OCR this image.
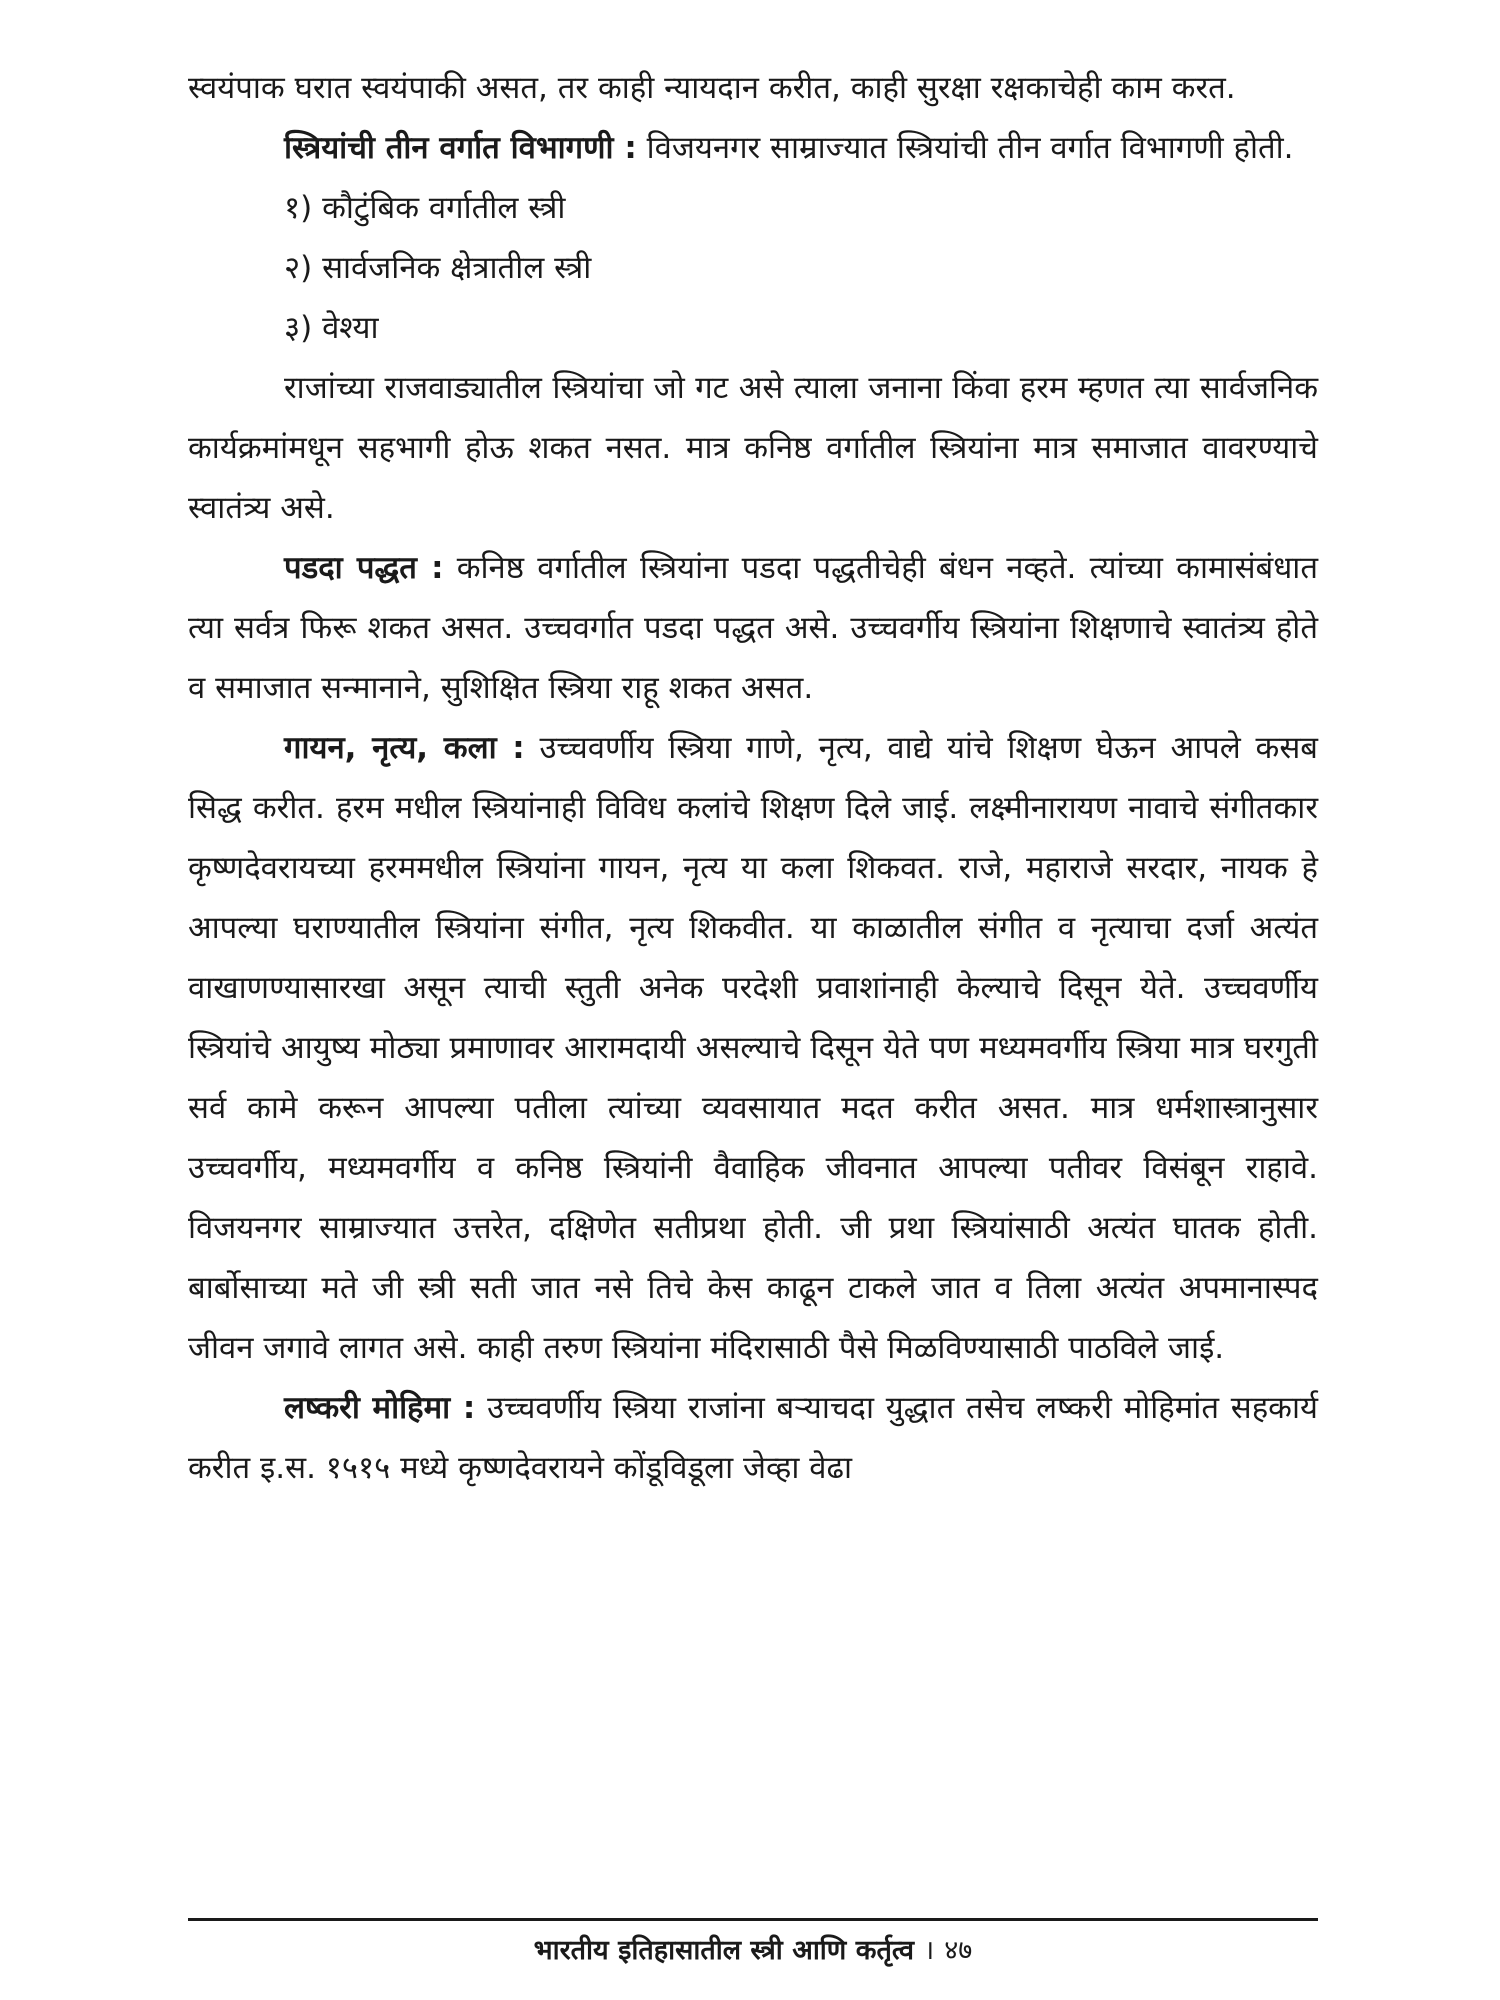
स्वयंपाक घरात स्वयंपाकी असत, तर काही न्यायदान करीत, काही सुरक्षा रक्षकाचेही काम करत.

स्त्रियांची तीन वर्गात विभागणी : विजयनगर साम्राज्यात स्त्रियांची तीन वर्गात विभागणी होती.

१) कौटुंबिक वर्गातील स्त्री

२) सार्वजनिक क्षेत्रातील स्त्री

३) वेश्या

राजांच्या राजवाड्यातील स्त्रियांचा जो गट असे त्याला जनाना किंवा हरम म्हणत त्या सार्वजनिक कार्यक्रमांमधून सहभागी होऊ शकत नसत. मात्र कनिष्ठ वर्गातील स्त्रियांना मात्र समाजात वावरण्याचे स्वातंत्र्य असे.

पडदा पद्धत : कनिष्ठ वर्गातील स्त्रियांना पडदा पद्धतीचेही बंधन नव्हते. त्यांच्या कामासंबंधात त्या सर्वत्र फिरू शकत असत. उच्चवर्गात पडदा पद्धत असे. उच्चवर्गीय स्त्रियांना शिक्षणाचे स्वातंत्र्य होते व समाजात सन्मानाने, सुशिक्षित स्त्रिया राहू शकत असत.

गायन, नृत्य, कला : उच्चवर्णीय स्त्रिया गाणे, नृत्य, वाद्ये यांचे शिक्षण घेऊन आपले कसब सिद्ध करीत. हरम मधील स्त्रियांनाही विविध कलांचे शिक्षण दिले जाई. लक्ष्मीनारायण नावाचे संगीतकार कृष्णदेवरायच्या हरममधील स्त्रियांना गायन, नृत्य या कला शिकवत. राजे, महाराजे सरदार, नायक हे आपल्या घराण्यातील स्त्रियांना संगीत, नृत्य शिकवीत. या काळातील संगीत व नृत्याचा दर्जा अत्यंत वाखाणण्यासारखा असून त्याची स्तुती अनेक परदेशी प्रवाशांनाही केल्याचे दिसून येते. उच्चवर्णीय स्त्रियांचे आयुष्य मोठ्या प्रमाणावर आरामदायी असल्याचे दिसून येते पण मध्यमवर्गीय स्त्रिया मात्र घरगुती सर्व कामे करून आपल्या पतीला त्यांच्या व्यवसायात मदत करीत असत. मात्र धर्मशास्त्रानुसार उच्चवर्गीय, मध्यमवर्गीय व कनिष्ठ स्त्रियांनी वैवाहिक जीवनात आपल्या पतीवर विसंबून राहावे. विजयनगर साम्राज्यात उत्तरेत, दक्षिणेत सतीप्रथा होती. जी प्रथा स्त्रियांसाठी अत्यंत घातक होती. बार्बोसाच्या मते जी स्त्री सती जात नसे तिचे केस काढून टाकले जात व तिला अत्यंत अपमानास्पद जीवन जगावे लागत असे. काही तरुण स्त्रियांना मंदिरासाठी पैसे मिळविण्यासाठी पाठविले जाई.

लष्करी मोहिमा : उच्चवर्णीय स्त्रिया राजांना बऱ्याचदा युद्धात तसेच लष्करी मोहिमांत सहकार्य करीत इ.स. १५१५ मध्ये कृष्णदेवरायने कोंडूविडूला जेव्हा वेढा

भारतीय इतिहासातील स्त्री आणि कर्तृत्व । ४७
